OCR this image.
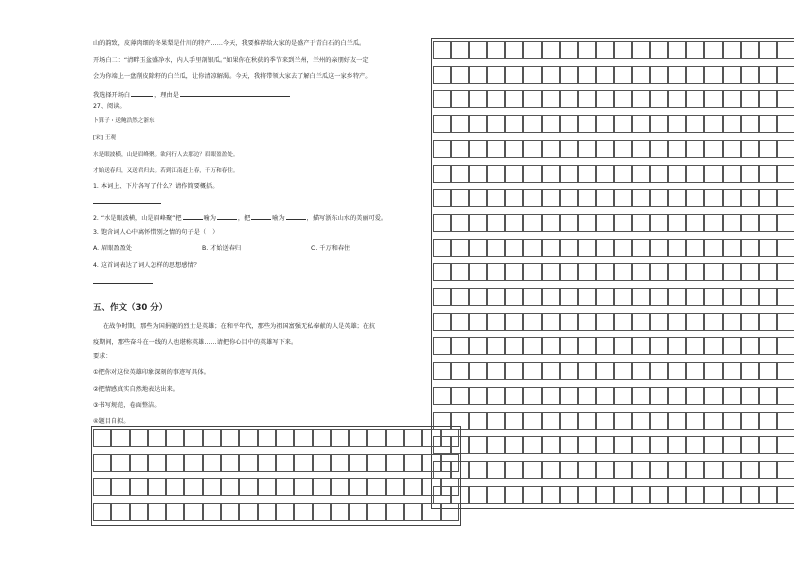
山的韵致，皮薄肉细的冬果梨是什川的特产……今天，我要推荐给大家的是盛产于青白石的白兰瓜。
开场白二：“清畔玉盆盛净水，内人手里剖银瓜。”如果你在秋获的季节来到兰州，兰州的亲朋好友一定
会为你端上一盘削皮除籽的白兰瓜，让你清凉解渴。今天，我将带领大家去了解白兰瓜这一家乡特产。
我选择开场白	，理由是
27、阅读。
卜算子・送鲍浩然之浙东
[宋] 王观
水是眼波横，山是眉峰聚。欲问行人去那边？眉眼盈盈处。
才始送春归，又送君归去。若到江南赶上春，千万和春住。
1. 本词上、下片各写了什么？请作简要概括。
2. “水是眼波横，山是眉峰聚”把	喻为	，把	喻为	，描写浙东山水的美丽可爱。
3. 饱含词人心中离怀惜别之情的句子是（　）
A. 眉眼盈盈处	B. 才始送春归	C. 千万和春住
4. 这首词表达了词人怎样的思想感情？
五、作文（30 分）
在战争时期，那些为国捐躯的烈士是英雄；在和平年代，那些为祖国富强无私奉献的人是英雄；在抗
疫期间，那些奋斗在一线的人也堪称英雄……请把你心目中的英雄写下来。
要求：
①把你对这位英雄印象深刻的事迹写具体。
②把情感真实自然地表达出来。
③书写规范，卷面整洁。
④题目自拟。
